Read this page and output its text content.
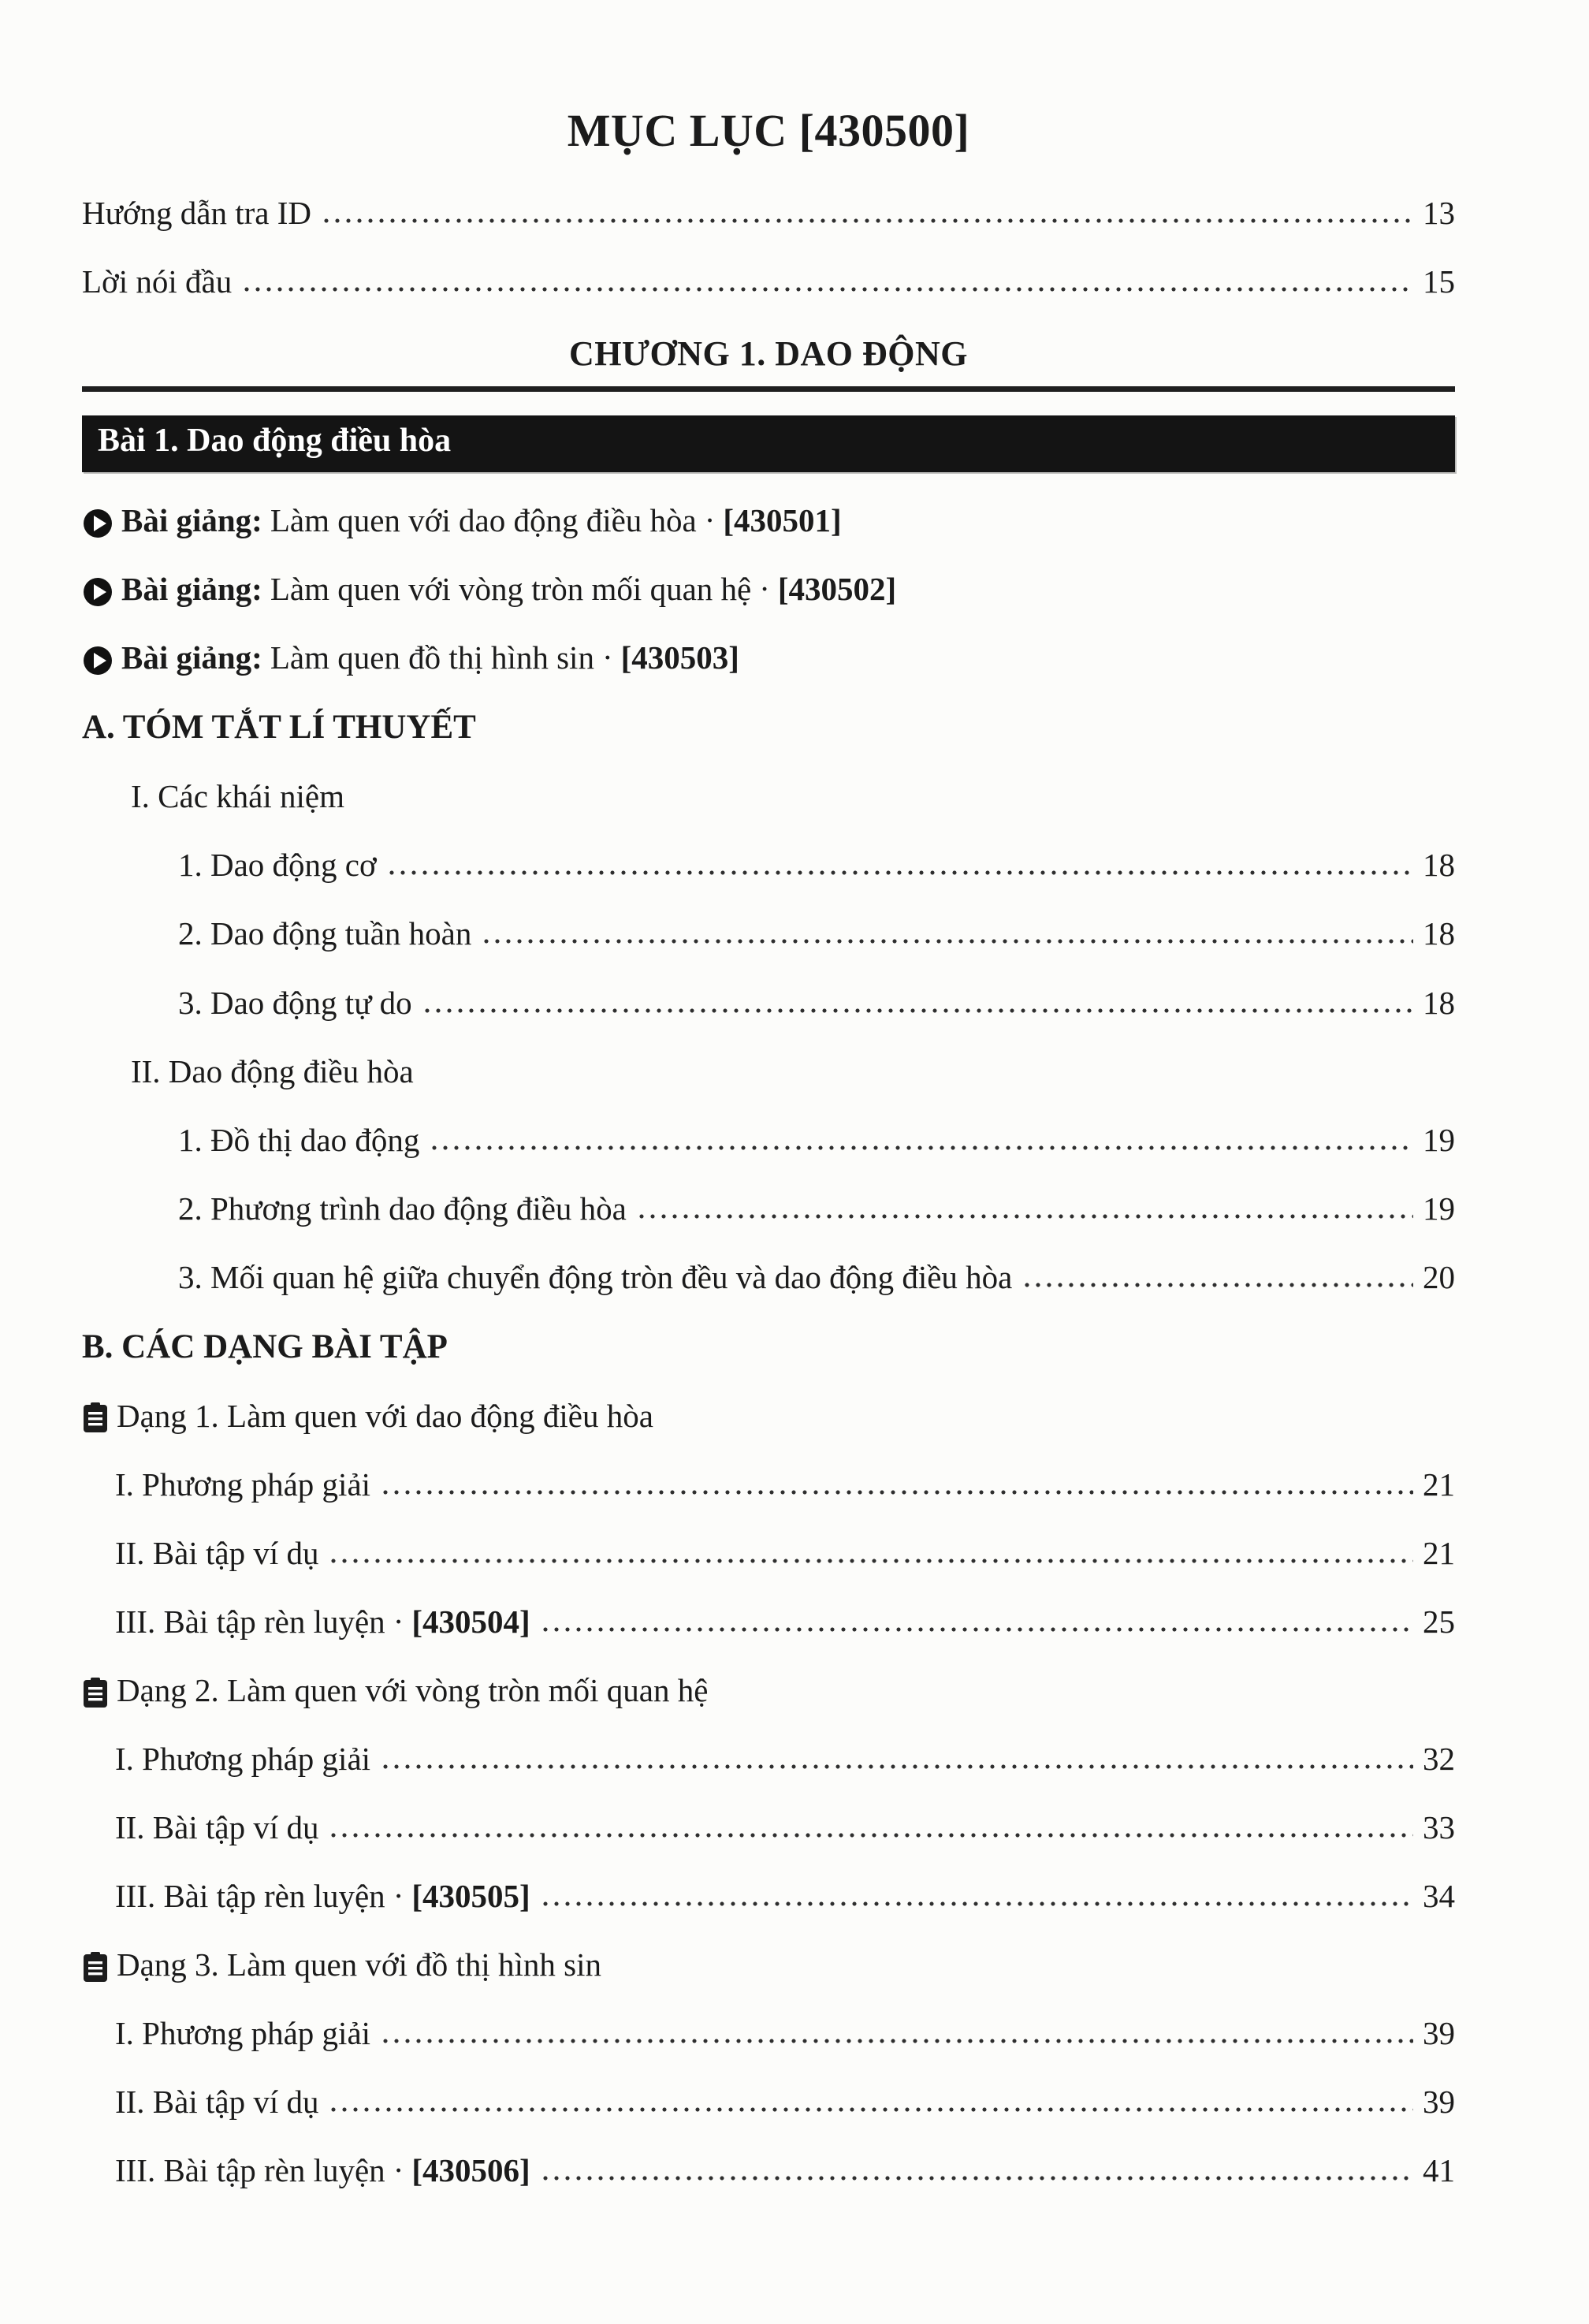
MỤC LỤC [430500]
Hướng dẫn tra ID	13
Lời nói đầu	15
CHƯƠNG 1. DAO ĐỘNG
Bài 1. Dao động điều hòa
Bài giảng: Làm quen với dao động điều hòa · [430501]
Bài giảng: Làm quen với vòng tròn mối quan hệ · [430502]
Bài giảng: Làm quen đồ thị hình sin · [430503]
A. TÓM TẮT LÍ THUYẾT
I. Các khái niệm
1. Dao động cơ	18
2. Dao động tuần hoàn	18
3. Dao động tự do	18
II. Dao động điều hòa
1. Đồ thị dao động	19
2. Phương trình dao động điều hòa	19
3. Mối quan hệ giữa chuyển động tròn đều và dao động điều hòa	20
B. CÁC DẠNG BÀI TẬP
Dạng 1. Làm quen với dao động điều hòa
I. Phương pháp giải	21
II. Bài tập ví dụ	21
III. Bài tập rèn luyện · [430504]	25
Dạng 2. Làm quen với vòng tròn mối quan hệ
I. Phương pháp giải	32
II. Bài tập ví dụ	33
III. Bài tập rèn luyện · [430505]	34
Dạng 3. Làm quen với đồ thị hình sin
I. Phương pháp giải	39
II. Bài tập ví dụ	39
III. Bài tập rèn luyện · [430506]	41
